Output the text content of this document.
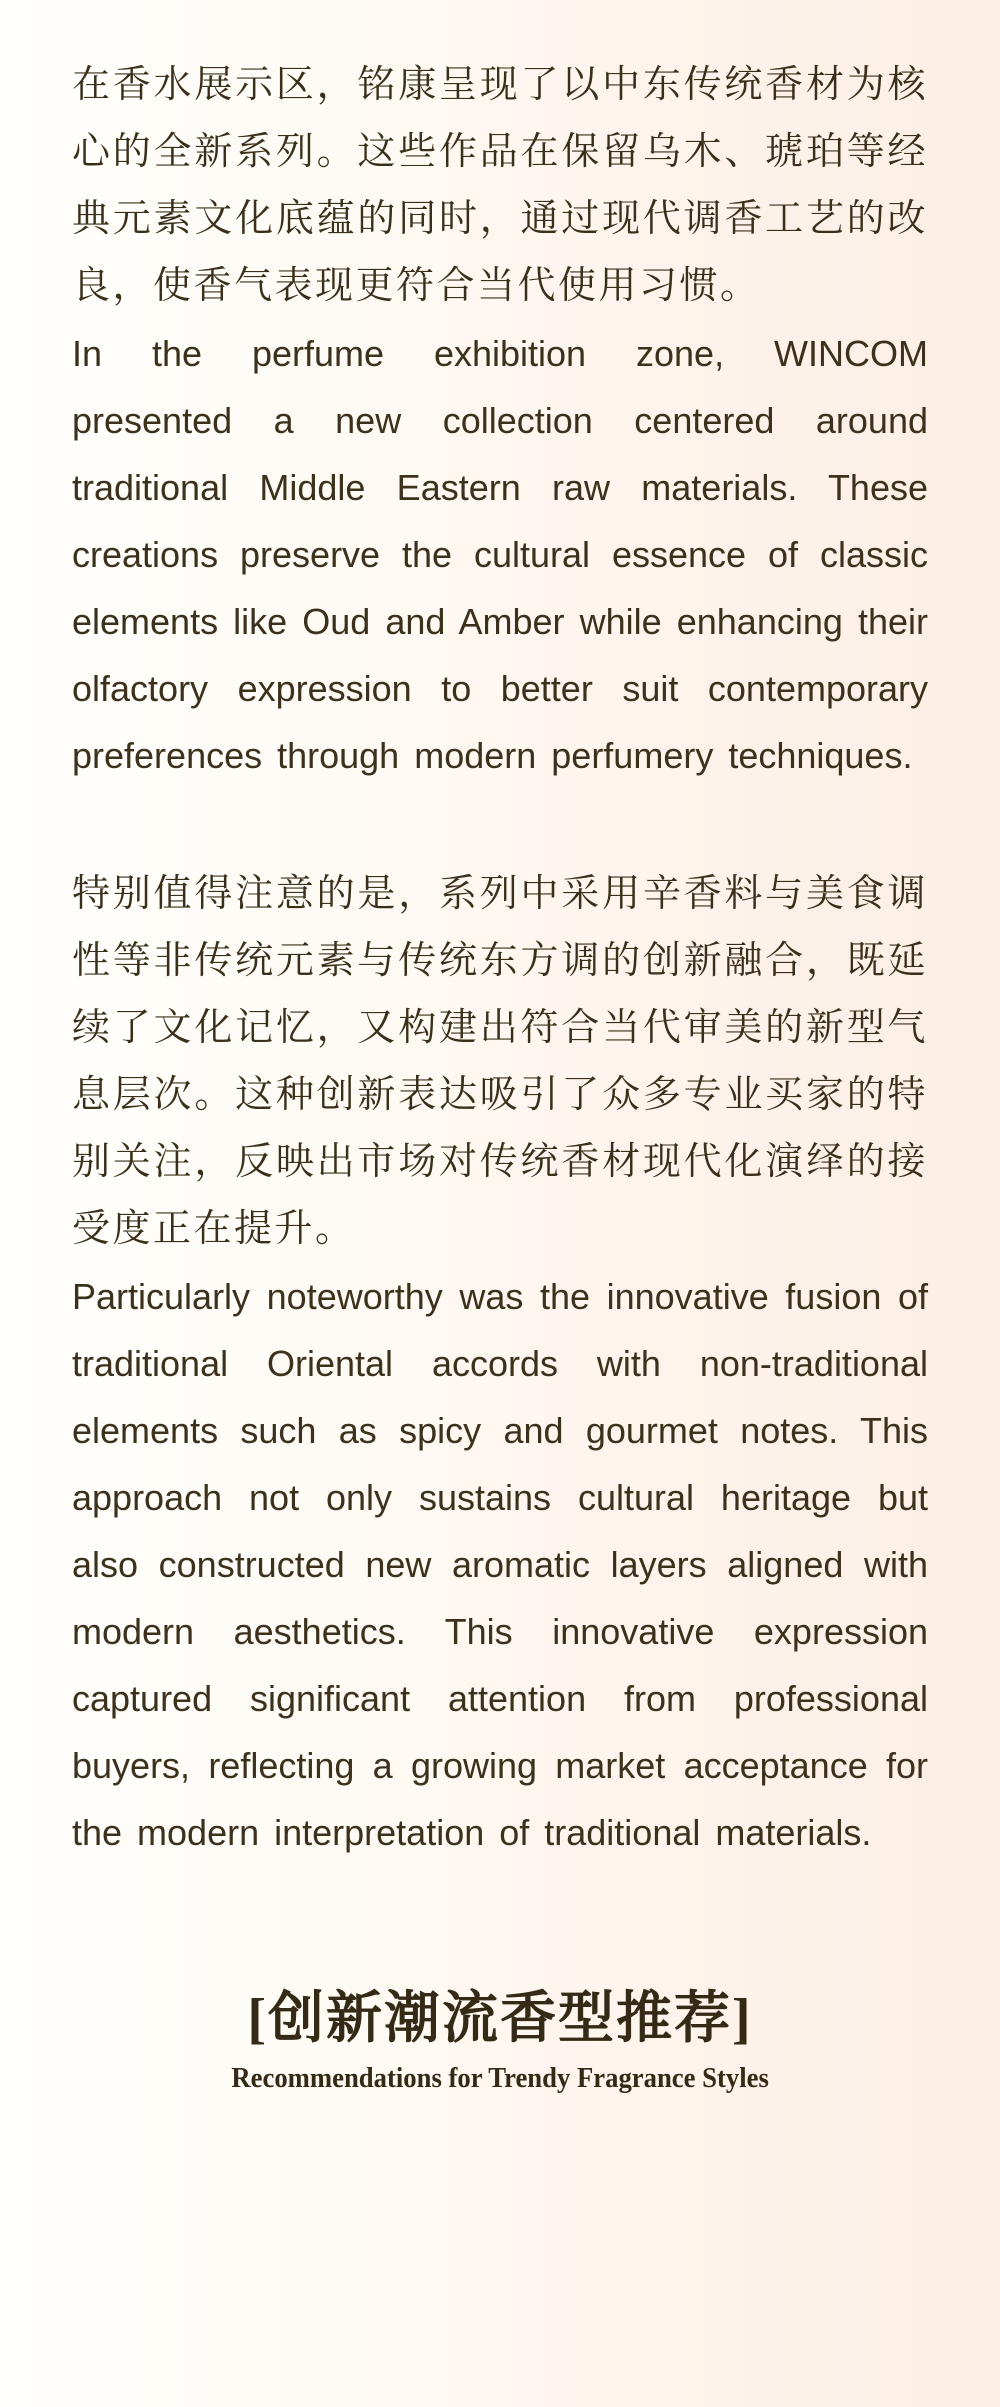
在香水展示区，铭康呈现了以中东传统香材为核心的全新系列。这些作品在保留乌木、琥珀等经典元素文化底蕴的同时，通过现代调香工艺的改良，使香气表现更符合当代使用习惯。

In the perfume exhibition zone, WINCOM presented a new collection centered around traditional Middle Eastern raw materials. These creations preserve the cultural essence of classic elements like Oud and Amber while enhancing their olfactory expression to better suit contemporary preferences through modern perfumery techniques.

特别值得注意的是，系列中采用辛香料与美食调性等非传统元素与传统东方调的创新融合，既延续了文化记忆，又构建出符合当代审美的新型气息层次。这种创新表达吸引了众多专业买家的特别关注，反映出市场对传统香材现代化演绎的接受度正在提升。

Particularly noteworthy was the innovative fusion of traditional Oriental accords with non-traditional elements such as spicy and gourmet notes. This approach not only sustains cultural heritage but also constructed new aromatic layers aligned with modern aesthetics. This innovative expression captured significant attention from professional buyers, reflecting a growing market acceptance for the modern interpretation of traditional materials.

[创新潮流香型推荐]
Recommendations for Trendy Fragrance Styles
